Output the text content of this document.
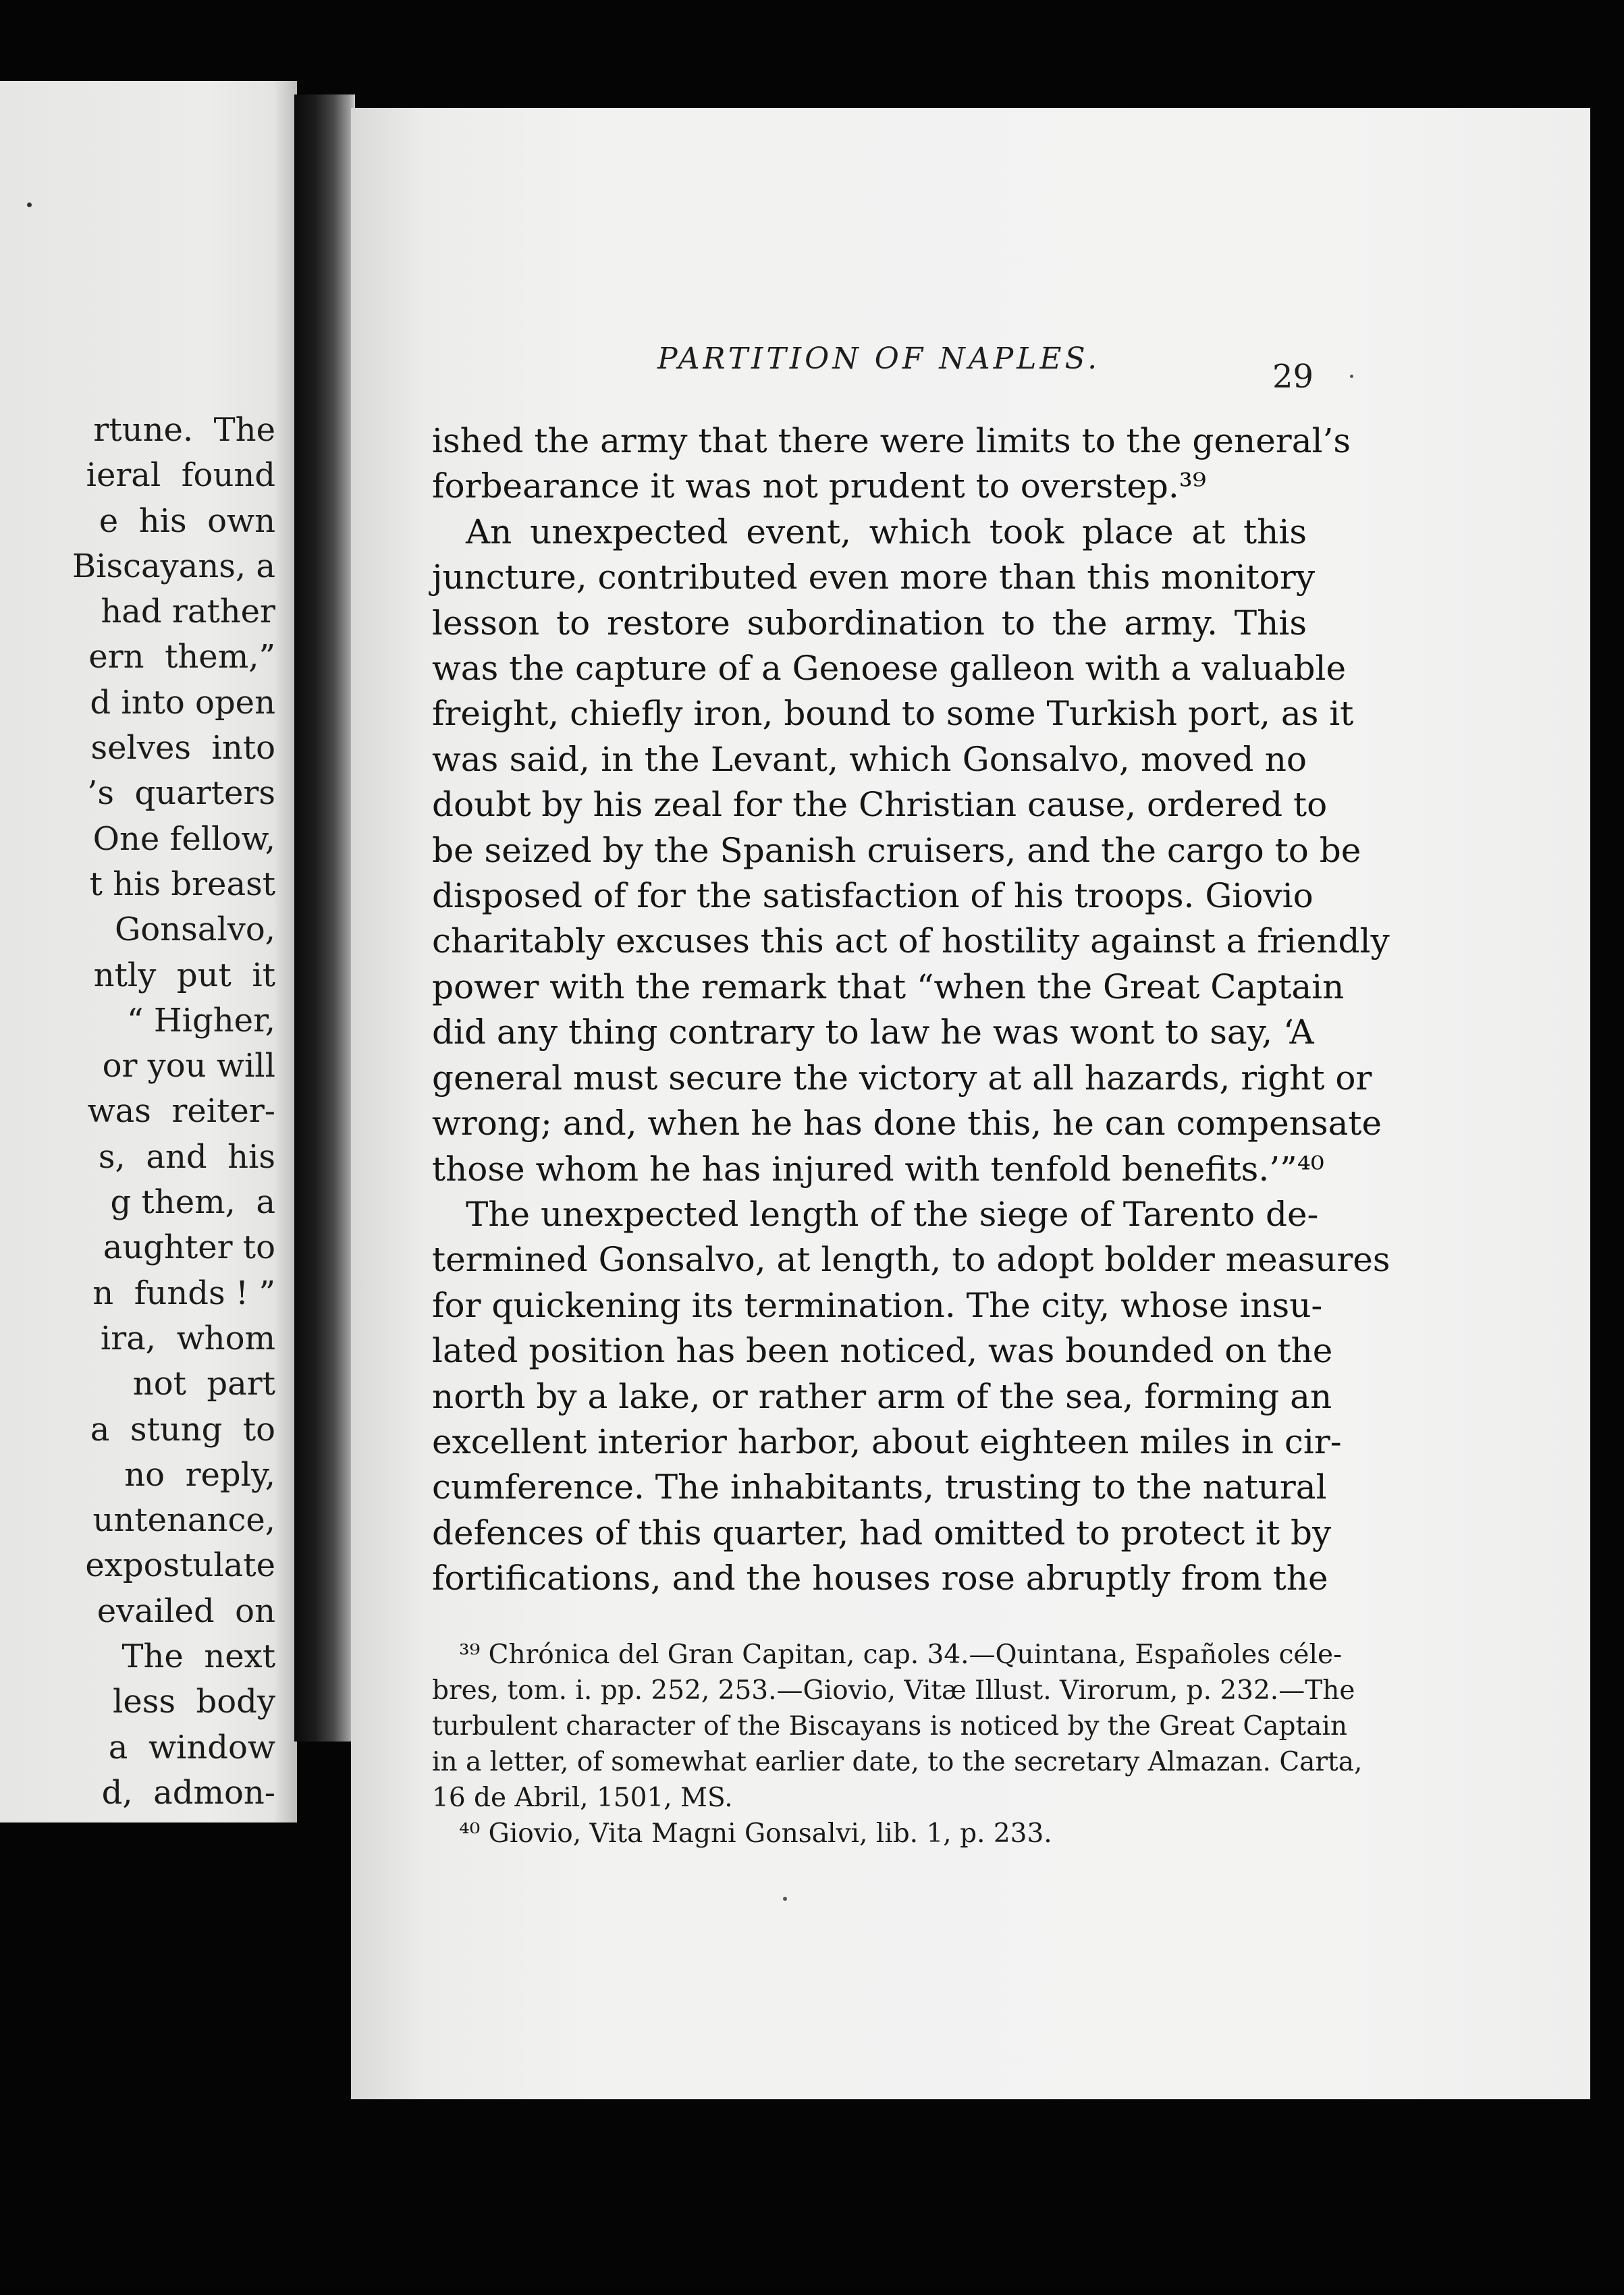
rtune.  The
ieral  found
e  his  own
Biscayans, a
had rather
ern  them,”
d into open
selves  into
’s  quarters
One fellow,
t his breast
Gonsalvo,
ntly  put  it
“ Higher,
or you will
was  reiter-
s,  and  his
g them,  a
aughter to
n  funds ! ”
ira,  whom
not  part
a  stung  to
no  reply,
untenance,
expostulate
evailed  on
The  next
less  body
a  window
d,  admon-
PARTITION OF NAPLES.	29
ished the army that there were limits to the general’s
forbearance it was not prudent to overstep.³⁹
An unexpected event, which took place at this
juncture, contributed even more than this monitory
lesson to restore subordination to the army. This
was the capture of a Genoese galleon with a valuable
freight, chiefly iron, bound to some Turkish port, as it
was said, in the Levant, which Gonsalvo, moved no
doubt by his zeal for the Christian cause, ordered to
be seized by the Spanish cruisers, and the cargo to be
disposed of for the satisfaction of his troops. Giovio
charitably excuses this act of hostility against a friendly
power with the remark that “when the Great Captain
did any thing contrary to law he was wont to say, ‘A
general must secure the victory at all hazards, right or
wrong; and, when he has done this, he can compensate
those whom he has injured with tenfold benefits.’”⁴⁰
The unexpected length of the siege of Tarento de-
termined Gonsalvo, at length, to adopt bolder measures
for quickening its termination. The city, whose insu-
lated position has been noticed, was bounded on the
north by a lake, or rather arm of the sea, forming an
excellent interior harbor, about eighteen miles in cir-
cumference. The inhabitants, trusting to the natural
defences of this quarter, had omitted to protect it by
fortifications, and the houses rose abruptly from the
³⁹ Chrónica del Gran Capitan, cap. 34.—Quintana, Españoles céle-
bres, tom. i. pp. 252, 253.—Giovio, Vitæ Illust. Virorum, p. 232.—The
turbulent character of the Biscayans is noticed by the Great Captain
in a letter, of somewhat earlier date, to the secretary Almazan. Carta,
16 de Abril, 1501, MS.
⁴⁰ Giovio, Vita Magni Gonsalvi, lib. 1, p. 233.
